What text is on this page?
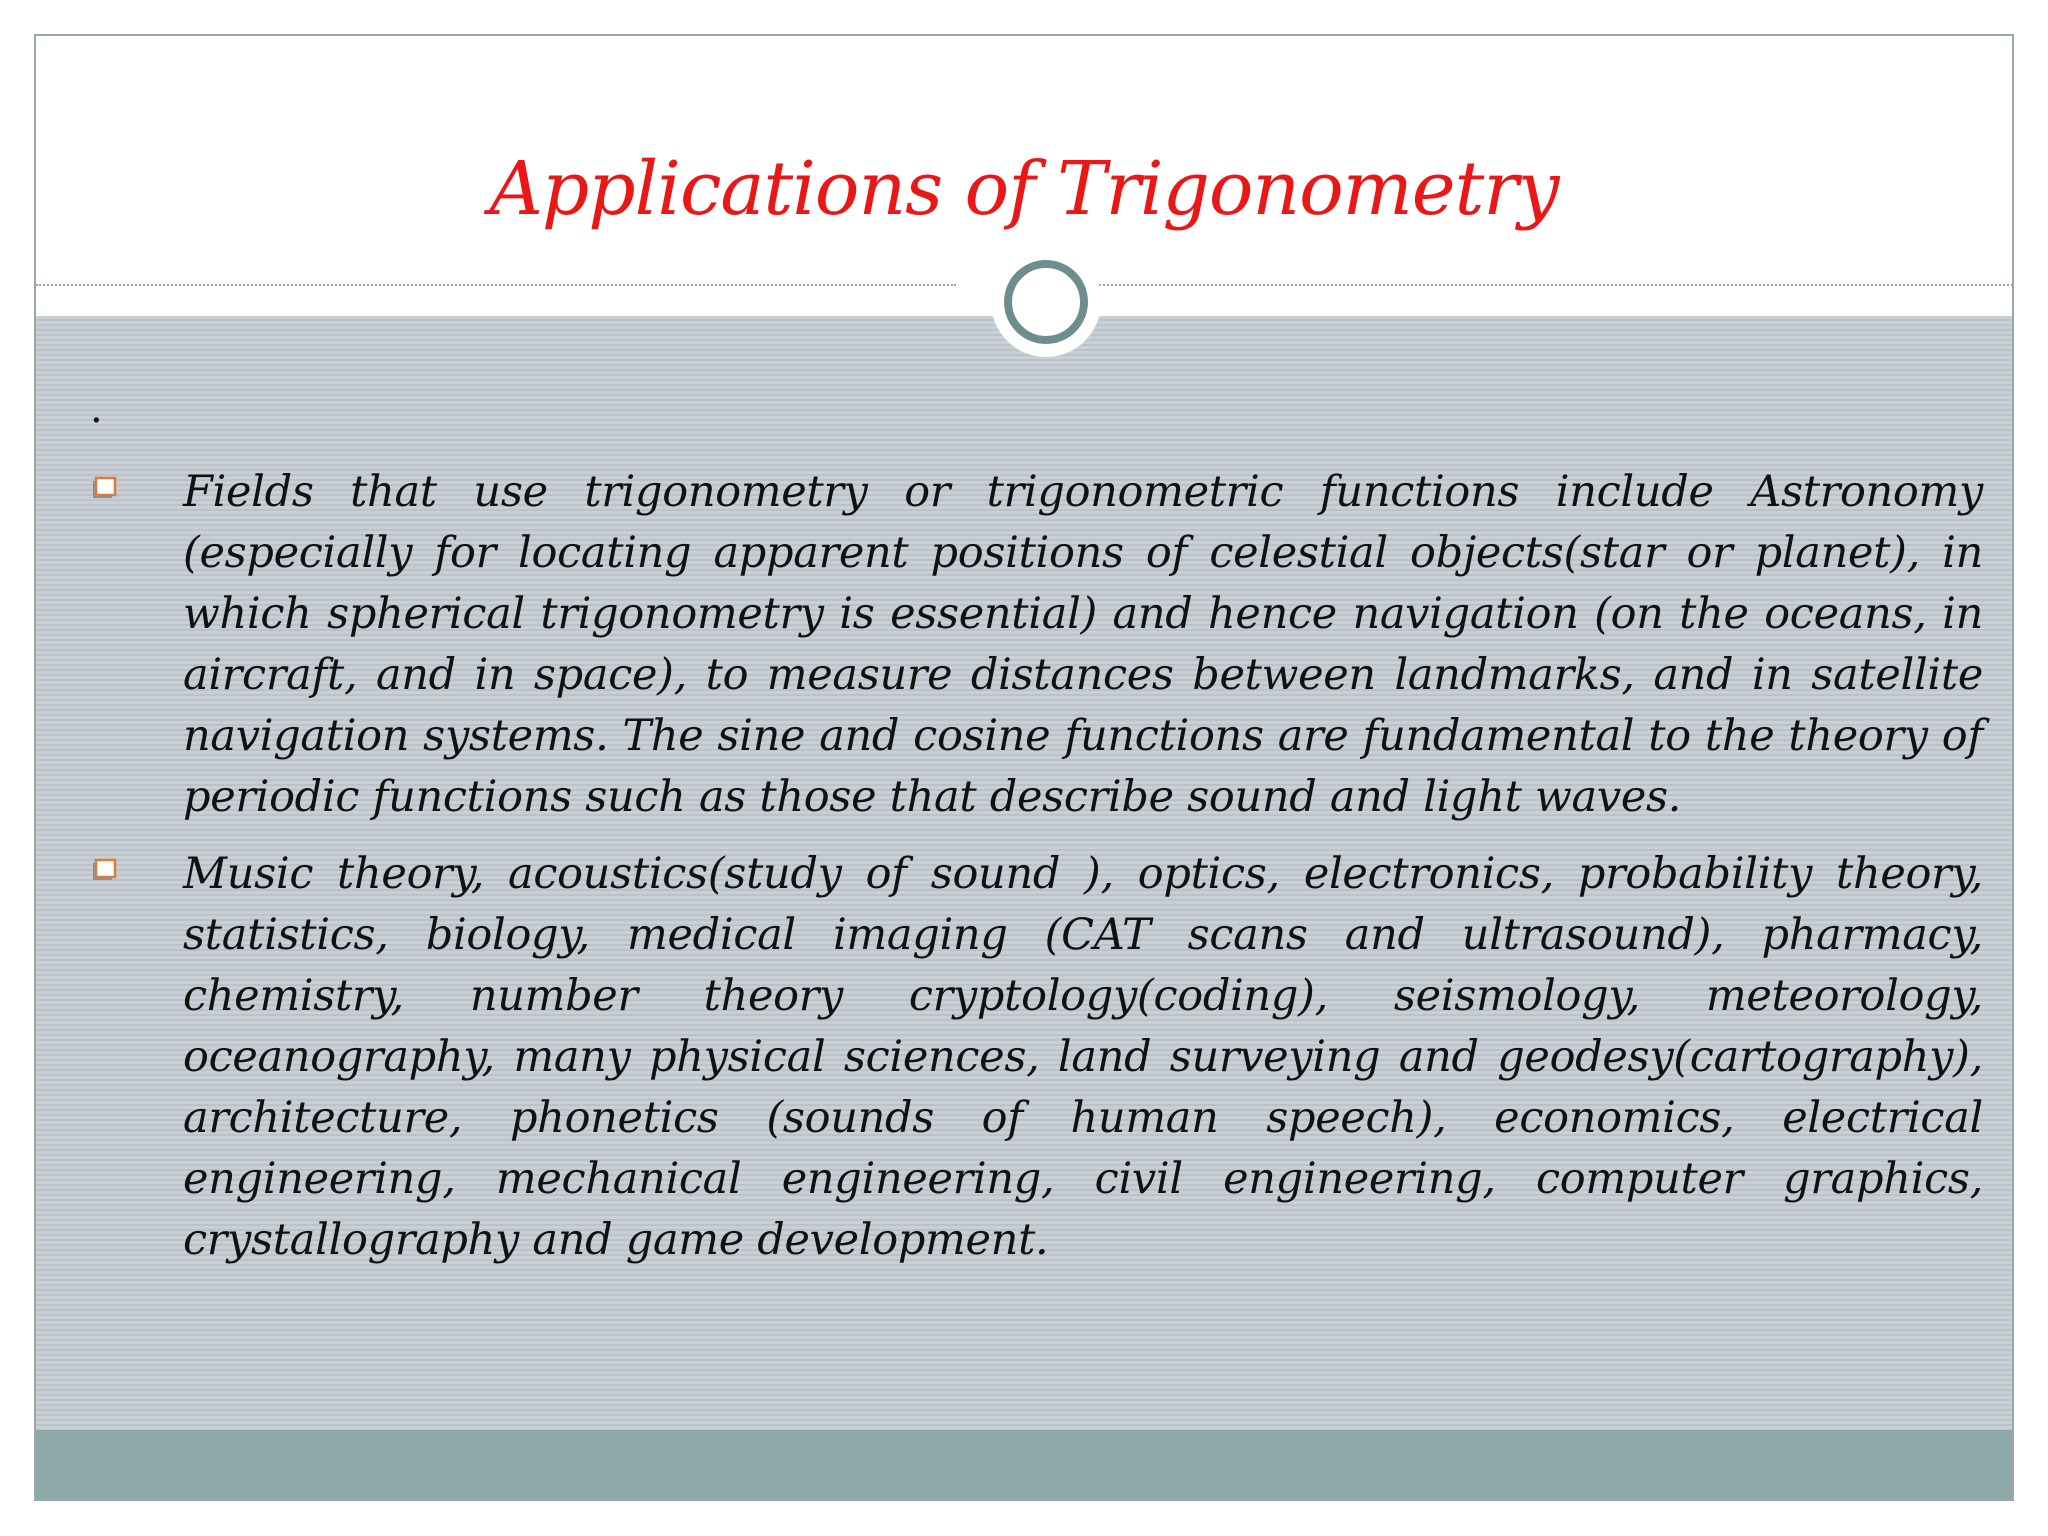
Applications of Trigonometry
.
Fields that use trigonometry or trigonometric functions include Astronomy (especially for locating apparent positions of celestial objects(star or planet), in which spherical trigonometry is essential) and hence navigation (on the oceans, in aircraft, and in space), to measure distances between landmarks, and in satellite navigation systems. The sine and cosine functions are fundamental to the theory of periodic functions such as those that describe sound and light waves.
Music theory, acoustics(study of sound ), optics, electronics, probability theory, statistics, biology, medical imaging (CAT scans and ultrasound), pharmacy, chemistry, number theory cryptology(coding), seismology, meteorology, oceanography, many physical sciences, land surveying and geodesy(cartography), architecture, phonetics (sounds of human speech), economics, electrical engineering, mechanical engineering, civil engineering, computer graphics, crystallography and game development.
